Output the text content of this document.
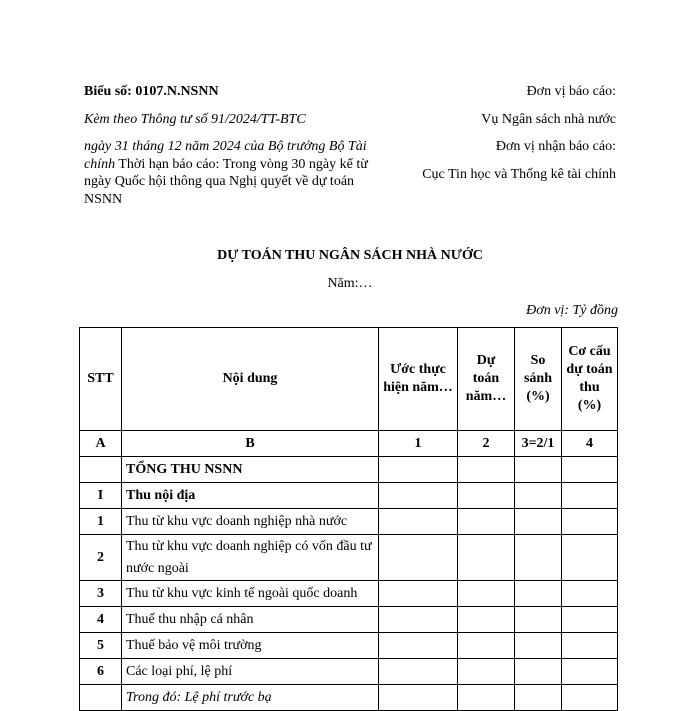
Biểu số: 0107.N.NSNN

Kèm theo Thông tư số 91/2024/TT-BTC

ngày 31 tháng 12 năm 2024 của Bộ trưởng Bộ Tài chính Thời hạn báo cáo: Trong vòng 30 ngày kể từ ngày Quốc hội thông qua Nghị quyết về dự toán NSNN

Đơn vị báo cáo:

Vụ Ngân sách nhà nước

Đơn vị nhận báo cáo:

Cục Tin học và Thống kê tài chính

DỰ TOÁN THU NGÂN SÁCH NHÀ NƯỚC

Năm:…

Đơn vị: Tỷ đồng

STT	Nội dung	Ước thực hiện năm…	Dự toán năm…	So sánh (%)	Cơ cấu dự toán thu (%)
A	B	1	2	3=2/1	4
	TỔNG THU NSNN				
I	Thu nội địa				
1	Thu từ khu vực doanh nghiệp nhà nước				
2	Thu từ khu vực doanh nghiệp có vốn đầu tư nước ngoài				
3	Thu từ khu vực kinh tế ngoài quốc doanh				
4	Thuế thu nhập cá nhân				
5	Thuế bảo vệ môi trường				
6	Các loại phí, lệ phí				
	Trong đó: Lệ phí trước bạ				
